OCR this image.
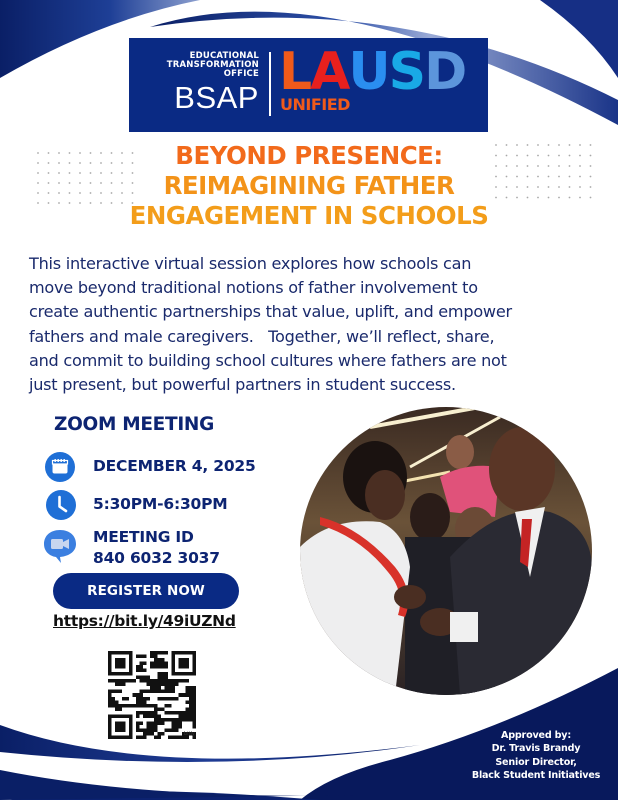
EDUCATIONAL
TRANSFORMATION
OFFICE
BSAP LAUSD
UNIFIED
BEYOND PRESENCE:
REIMAGINING FATHER
ENGAGEMENT IN SCHOOLS
This interactive virtual session explores how schools can
move beyond traditional notions of father involvement to
create authentic partnerships that value, uplift, and empower
fathers and male caregivers.   Together, we’ll reflect, share,
and commit to building school cultures where fathers are not
just present, but powerful partners in student success.
ZOOM MEETING
DECEMBER 4, 2025
5:30PM-6:30PM
MEETING ID
840 6032 3037
REGISTER NOW
https://bit.ly/49iUZNd
bitly	Approved by:
Dr. Travis Brandy
Senior Director,
Black Student Initiatives
